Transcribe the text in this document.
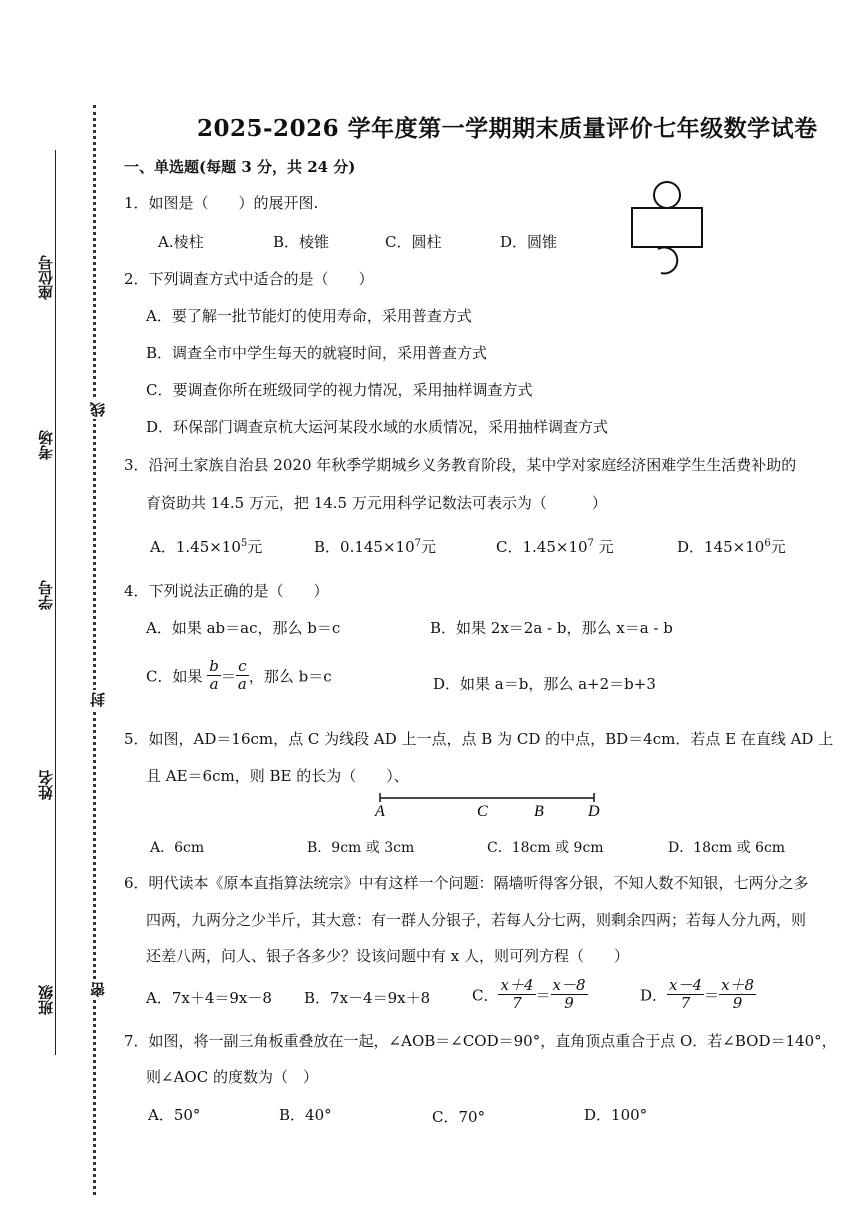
座位号
考场
学号
姓名
班级
线
封
密
2025-2026 学年度第一学期期末质量评价七年级数学试卷
一、单选题(每题 3 分，共 24 分)
1．如图是（　　）的展开图.
A.棱柱	B．棱锥	C．圆柱	D．圆锥
2．下列调查方式中适合的是（　　）
A．要了解一批节能灯的使用寿命，采用普查方式
B．调查全市中学生每天的就寝时间，采用普查方式
C．要调查你所在班级同学的视力情况，采用抽样调查方式
D．环保部门调查京杭大运河某段水域的水质情况，采用抽样调查方式
3．沿河土家族自治县 2020 年秋季学期城乡义务教育阶段，某中学对家庭经济困难学生生活费补助的
育资助共 14.5 万元，把 14.5 万元用科学记数法可表示为（　　　）
A．$1.45\times 10^5$元	B．$0.145\times 10^7$元	C．$1.45\times 10^7$ 元	D．$145\times 10^6$元
4．下列说法正确的是（　　）
A．如果 ab＝ac，那么 b＝c	B．如果 2x＝2a - b，那么 x＝a - b
C．如果 $\frac{b}{a} = \frac{c}{a}$ ，那么 b＝c	D．如果 a＝b，那么 a+2＝b+3
5．如图，AD＝16cm，点 C 为线段 AD 上一点，点 B 为 CD 的中点，BD＝4cm．若点 E 在直线 AD 上
且 AE＝6cm，则 BE 的长为（　　）、
A	C	B	D
A．6cm	B．9cm 或 3cm	C．18cm 或 9cm	D．18cm 或 6cm
6．明代读本《原本直指算法统宗》中有这样一个问题：隔墙听得客分银，不知人数不知银，七两分之多
四两，九两分之少半斤，其大意：有一群人分银子，若每人分七两，则剩余四两；若每人分九两，则
还差八两，问人、银子各多少？设该问题中有 x 人，则可列方程（　　）
A．7x＋4＝9x－8 B．7x－4＝9x＋8	C． $\frac{x+4}{7} = \frac{x-8}{9}$	D． $\frac{x-4}{7} = \frac{x+8}{9}$
7．如图，将一副三角板重叠放在一起，∠AOB＝∠COD＝90°，直角顶点重合于点 O．若∠BOD＝140°，
则∠AOC 的度数为（　）
A．50°	B．40°	C．70°	D．100°
